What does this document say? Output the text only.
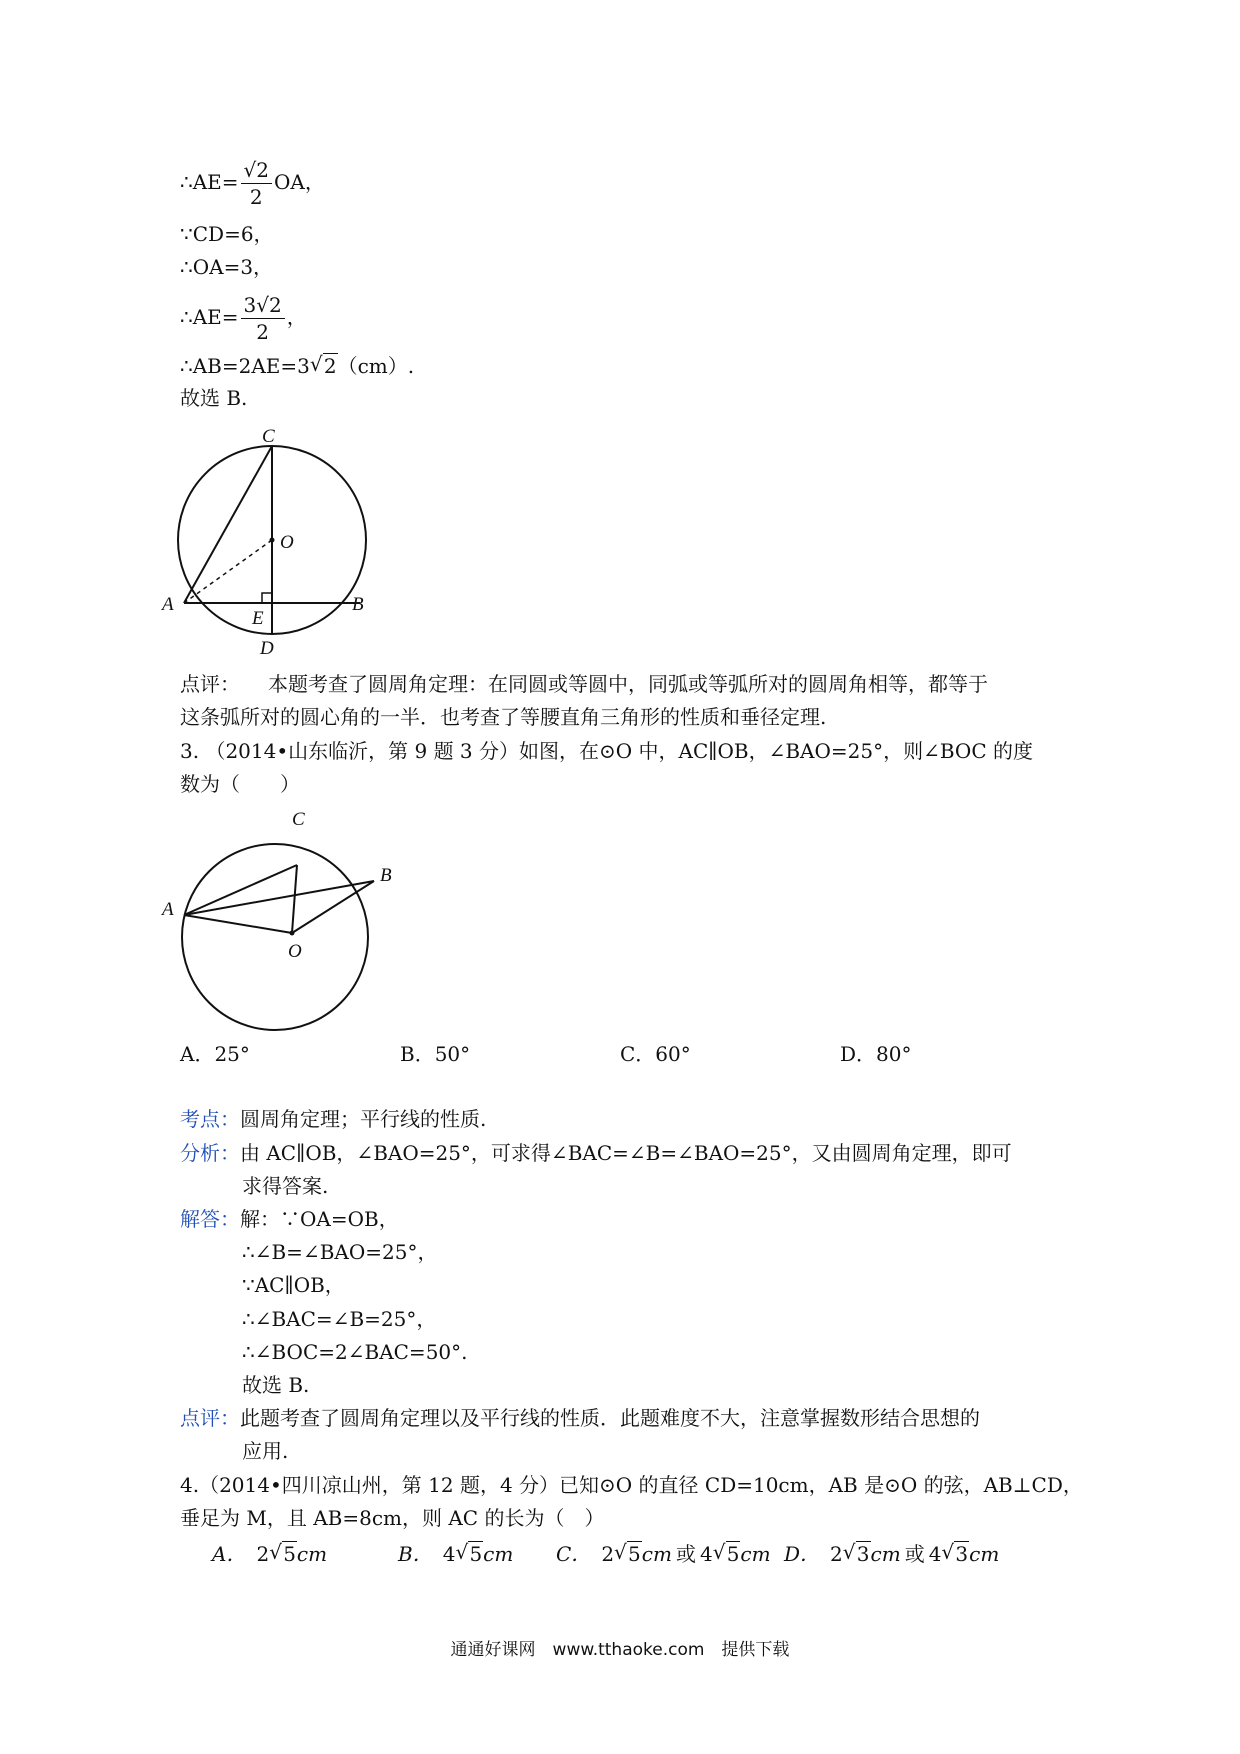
∴AE= $\frac{√2}{2}$ OA，
∵CD=6，
∴OA=3，
∴AE= $\frac{3√2}{2}$ ，
∴AB=2AE=3 √ 2（cm）.
故选 B.
C
O
A
E
B
D
点评： 本题考查了圆周角定理：在同圆或等圆中，同弧或等弧所对的圆周角相等，都等于
这条弧所对的圆心角的一半．也考查了等腰直角三角形的性质和垂径定理.
3. （2014•山东临沂，第 9 题 3 分）如图，在⊙O 中，AC∥OB，∠BAO=25°，则∠BOC 的度
数为（　　）
C
B
A
O
A．25°	B．50°	C．60°	D．80°
考点：圆周角定理；平行线的性质.
分析：由 AC∥OB，∠BAO=25°，可求得∠BAC=∠B=∠BAO=25°，又由圆周角定理，即可
求得答案.
解答：解：∵OA=OB，
∴∠B=∠BAO=25°，
∵AC∥OB，
∴∠BAC=∠B=25°，
∴∠BOC=2∠BAC=50°.
故选 B.
点评：此题考查了圆周角定理以及平行线的性质．此题难度不大，注意掌握数形结合思想的
应用.
4.（2014•四川凉山州，第 12 题，4 分）已知⊙O 的直径 CD=10cm，AB 是⊙O 的弦，AB⊥CD，
垂足为 M，且 AB=8cm，则 AC 的长为（　）
A． 2 √ 5cm	B． 4 √ 5cm C． 2 √ 5cm 或 4 √ 5cm D． 2 √ 3cm 或 4 √ 3cm
通通好课网　www.tthaoke.com　提供下载
